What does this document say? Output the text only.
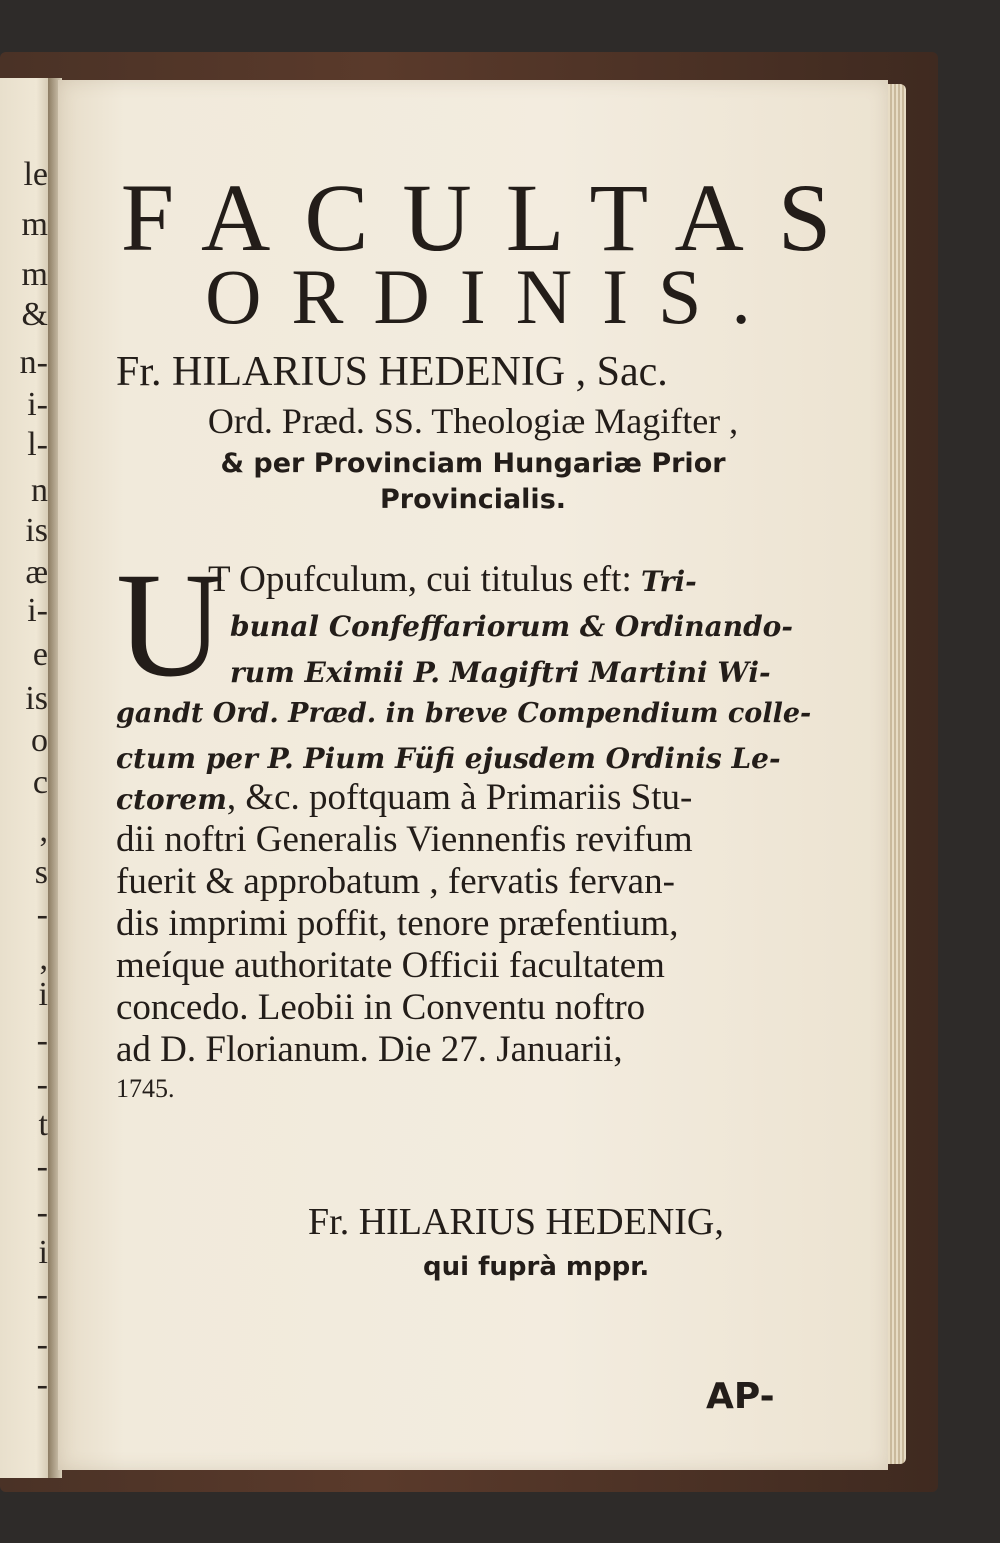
le
m
m
&
n-
i-
l-
n
is
æ
i-
e
is
o
c
,
s
-
,
i
-
-
t
-
-
i
-
-
-
FACULTAS
ORDINIS.
Fr. HILARIUS HEDENIG , Sac.
Ord. Præd. SS. Theologiæ Magifter ,
& per Provinciam Hungariæ Prior
Provincialis.
U
T Opufculum, cui titulus eft: Tri-
bunal Confeffariorum & Ordinando-
rum Eximii P. Magiftri Martini Wi-
gandt Ord. Præd. in breve Compendium colle-
ctum per P. Pium Füfi ejusdem Ordinis Le-
ctorem, &c. poftquam à Primariis Stu-
dii noftri Generalis Viennenfis revifum
fuerit & approbatum , fervatis fervan-
dis imprimi poffit, tenore præfentium,
meíque authoritate Officii facultatem
concedo. Leobii in Conventu noftro
ad D. Florianum. Die 27. Januarii,
1745.
Fr. HILARIUS HEDENIG,
qui fuprà mppr.
AP-
